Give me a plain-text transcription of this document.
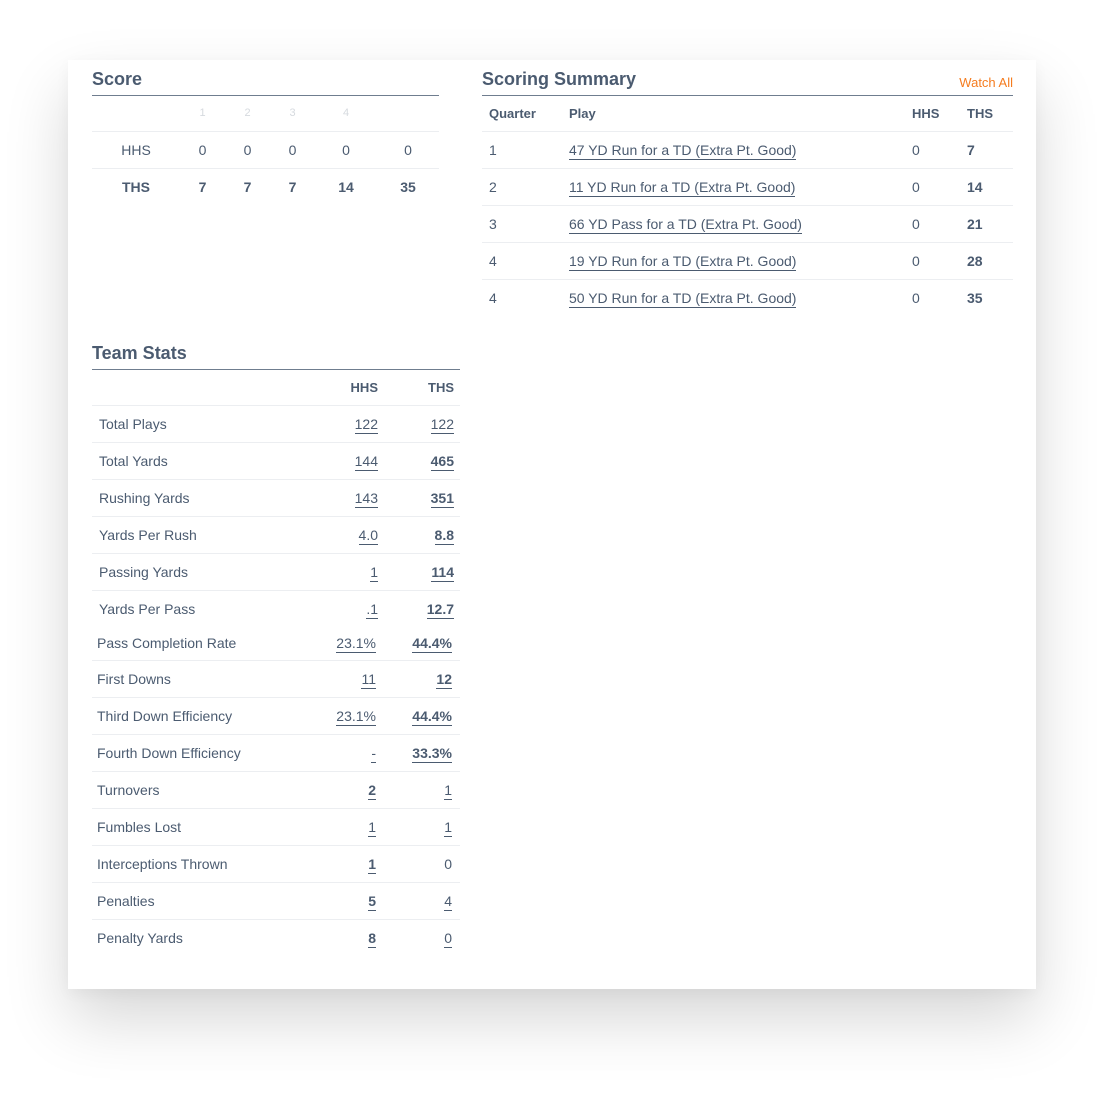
Score
	1	2	3	4	
HHS	0	0	0	0	0
THS	7	7	7	14	35
Scoring Summary	Watch All
Quarter	Play	HHS	THS
1	47 YD Run for a TD (Extra Pt. Good)	0	7
2	11 YD Run for a TD (Extra Pt. Good)	0	14
3	66 YD Pass for a TD (Extra Pt. Good)	0	21
4	19 YD Run for a TD (Extra Pt. Good)	0	28
4	50 YD Run for a TD (Extra Pt. Good)	0	35
Team Stats
	HHS	THS
Total Plays	122	122
Total Yards	144	465
Rushing Yards	143	351
Yards Per Rush	4.0	8.8
Passing Yards	1	114
Yards Per Pass	.1	12.7
Pass Completion Rate	23.1%	44.4%
First Downs	11	12
Third Down Efficiency	23.1%	44.4%
Fourth Down Efficiency	-	33.3%
Turnovers	2	1
Fumbles Lost	1	1
Interceptions Thrown	1	0
Penalties	5	4
Penalty Yards	8	0
